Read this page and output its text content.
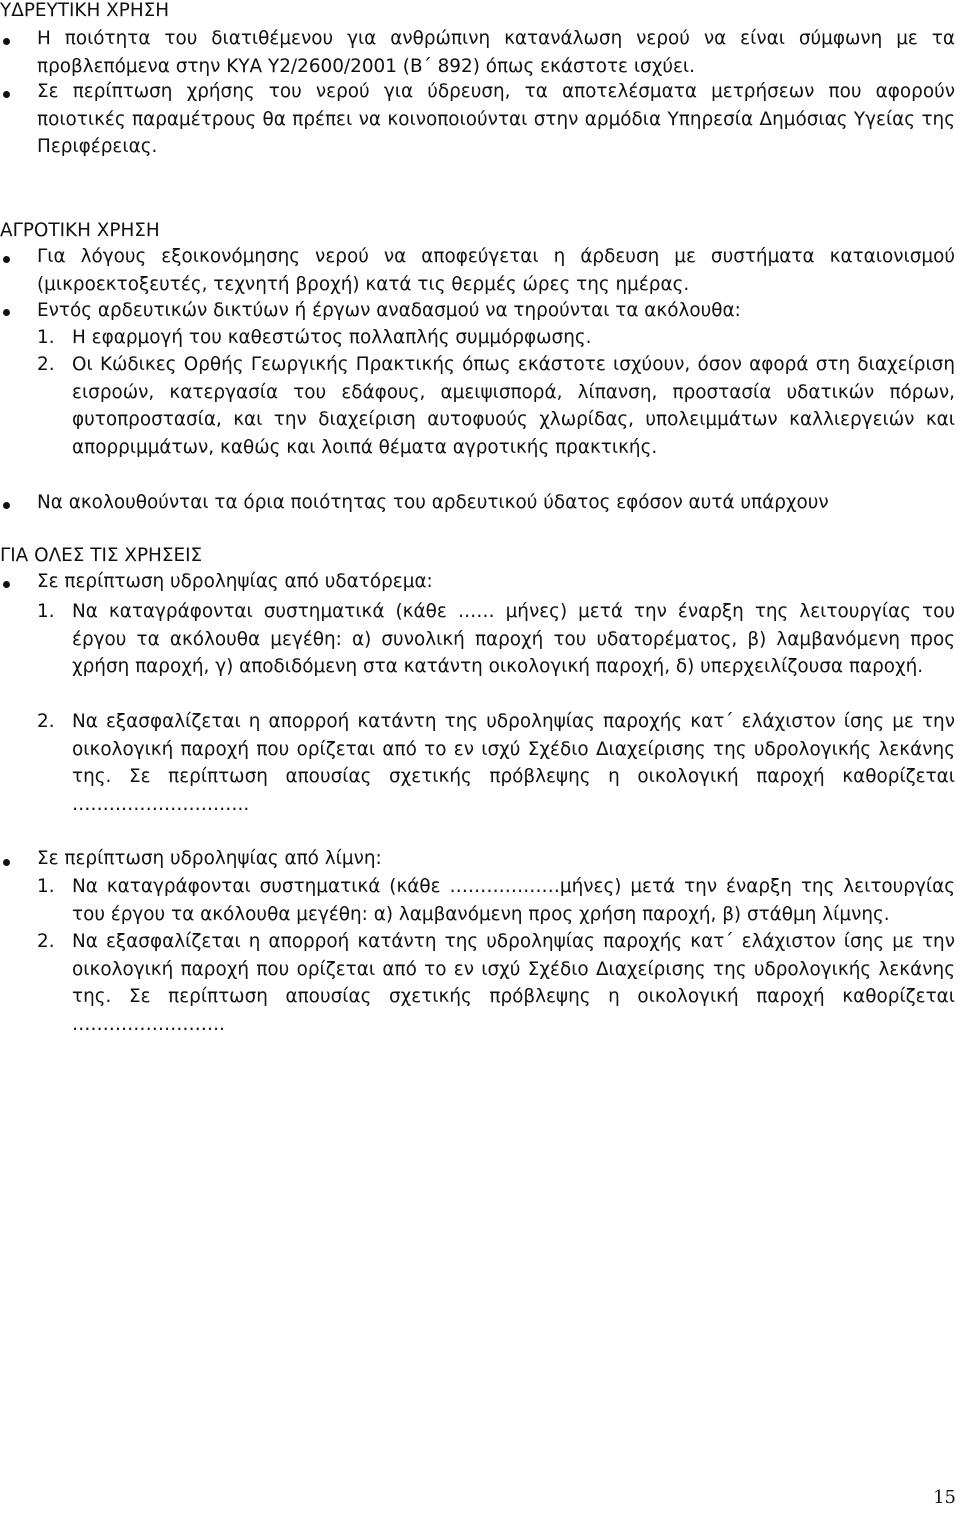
ΥΔΡΕΥΤΙΚΗ ΧΡΗΣΗ

Η ποιότητα του διατιθέμενου για ανθρώπινη κατανάλωση νερού να είναι σύμφωνη με τα προβλεπόμενα στην ΚΥΑ Υ2/2600/2001 (Β΄ 892) όπως εκάστοτε ισχύει.

Σε περίπτωση χρήσης του νερού για ύδρευση, τα αποτελέσματα μετρήσεων που αφορούν ποιοτικές παραμέτρους θα πρέπει να κοινοποιούνται στην αρμόδια Υπηρεσία Δημόσιας Υγείας της Περιφέρειας.

ΑΓΡΟΤΙΚΗ ΧΡΗΣΗ

Για λόγους εξοικονόμησης νερού να αποφεύγεται η άρδευση με συστήματα καταιονισμού (μικροεκτοξευτές, τεχνητή βροχή) κατά τις θερμές ώρες της ημέρας.

Εντός αρδευτικών δικτύων ή έργων αναδασμού να τηρούνται τα ακόλουθα:

1. Η εφαρμογή του καθεστώτος πολλαπλής συμμόρφωσης.

2. Οι Κώδικες Ορθής Γεωργικής Πρακτικής όπως εκάστοτε ισχύουν, όσον αφορά στη διαχείριση εισροών, κατεργασία του εδάφους, αμειψισπορά, λίπανση, προστασία υδατικών πόρων, φυτοπροστασία, και την διαχείριση αυτοφυούς χλωρίδας, υπολειμμάτων καλλιεργειών και απορριμμάτων, καθώς και λοιπά θέματα αγροτικής πρακτικής.

Να ακολουθούνται τα όρια ποιότητας του αρδευτικού ύδατος εφόσον αυτά υπάρχουν

ΓΙΑ ΟΛΕΣ ΤΙΣ ΧΡΗΣΕΙΣ

Σε περίπτωση υδροληψίας από υδατόρεμα:

1. Να καταγράφονται συστηματικά (κάθε …… μήνες) μετά την έναρξη της λειτουργίας του έργου τα ακόλουθα μεγέθη: α) συνολική παροχή του υδατορέματος, β) λαμβανόμενη προς χρήση παροχή, γ) αποδιδόμενη στα κατάντη οικολογική παροχή, δ) υπερχειλίζουσα παροχή.

2. Να εξασφαλίζεται η απορροή κατάντη της υδροληψίας παροχής κατ΄ ελάχιστον ίσης με την οικολογική παροχή που ορίζεται από το εν ισχύ Σχέδιο Διαχείρισης της υδρολογικής λεκάνης της. Σε περίπτωση απουσίας σχετικής πρόβλεψης η οικολογική παροχή καθορίζεται ………………………..

Σε περίπτωση υδροληψίας από λίμνη:

1. Να καταγράφονται συστηματικά (κάθε ………………μήνες) μετά την έναρξη της λειτουργίας του έργου τα ακόλουθα μεγέθη: α) λαμβανόμενη προς χρήση παροχή, β) στάθμη λίμνης.

2. Να εξασφαλίζεται η απορροή κατάντη της υδροληψίας παροχής κατ΄ ελάχιστον ίσης με την οικολογική παροχή που ορίζεται από το εν ισχύ Σχέδιο Διαχείρισης της υδρολογικής λεκάνης της. Σε περίπτωση απουσίας σχετικής πρόβλεψης η οικολογική παροχή καθορίζεται …………………….

15
